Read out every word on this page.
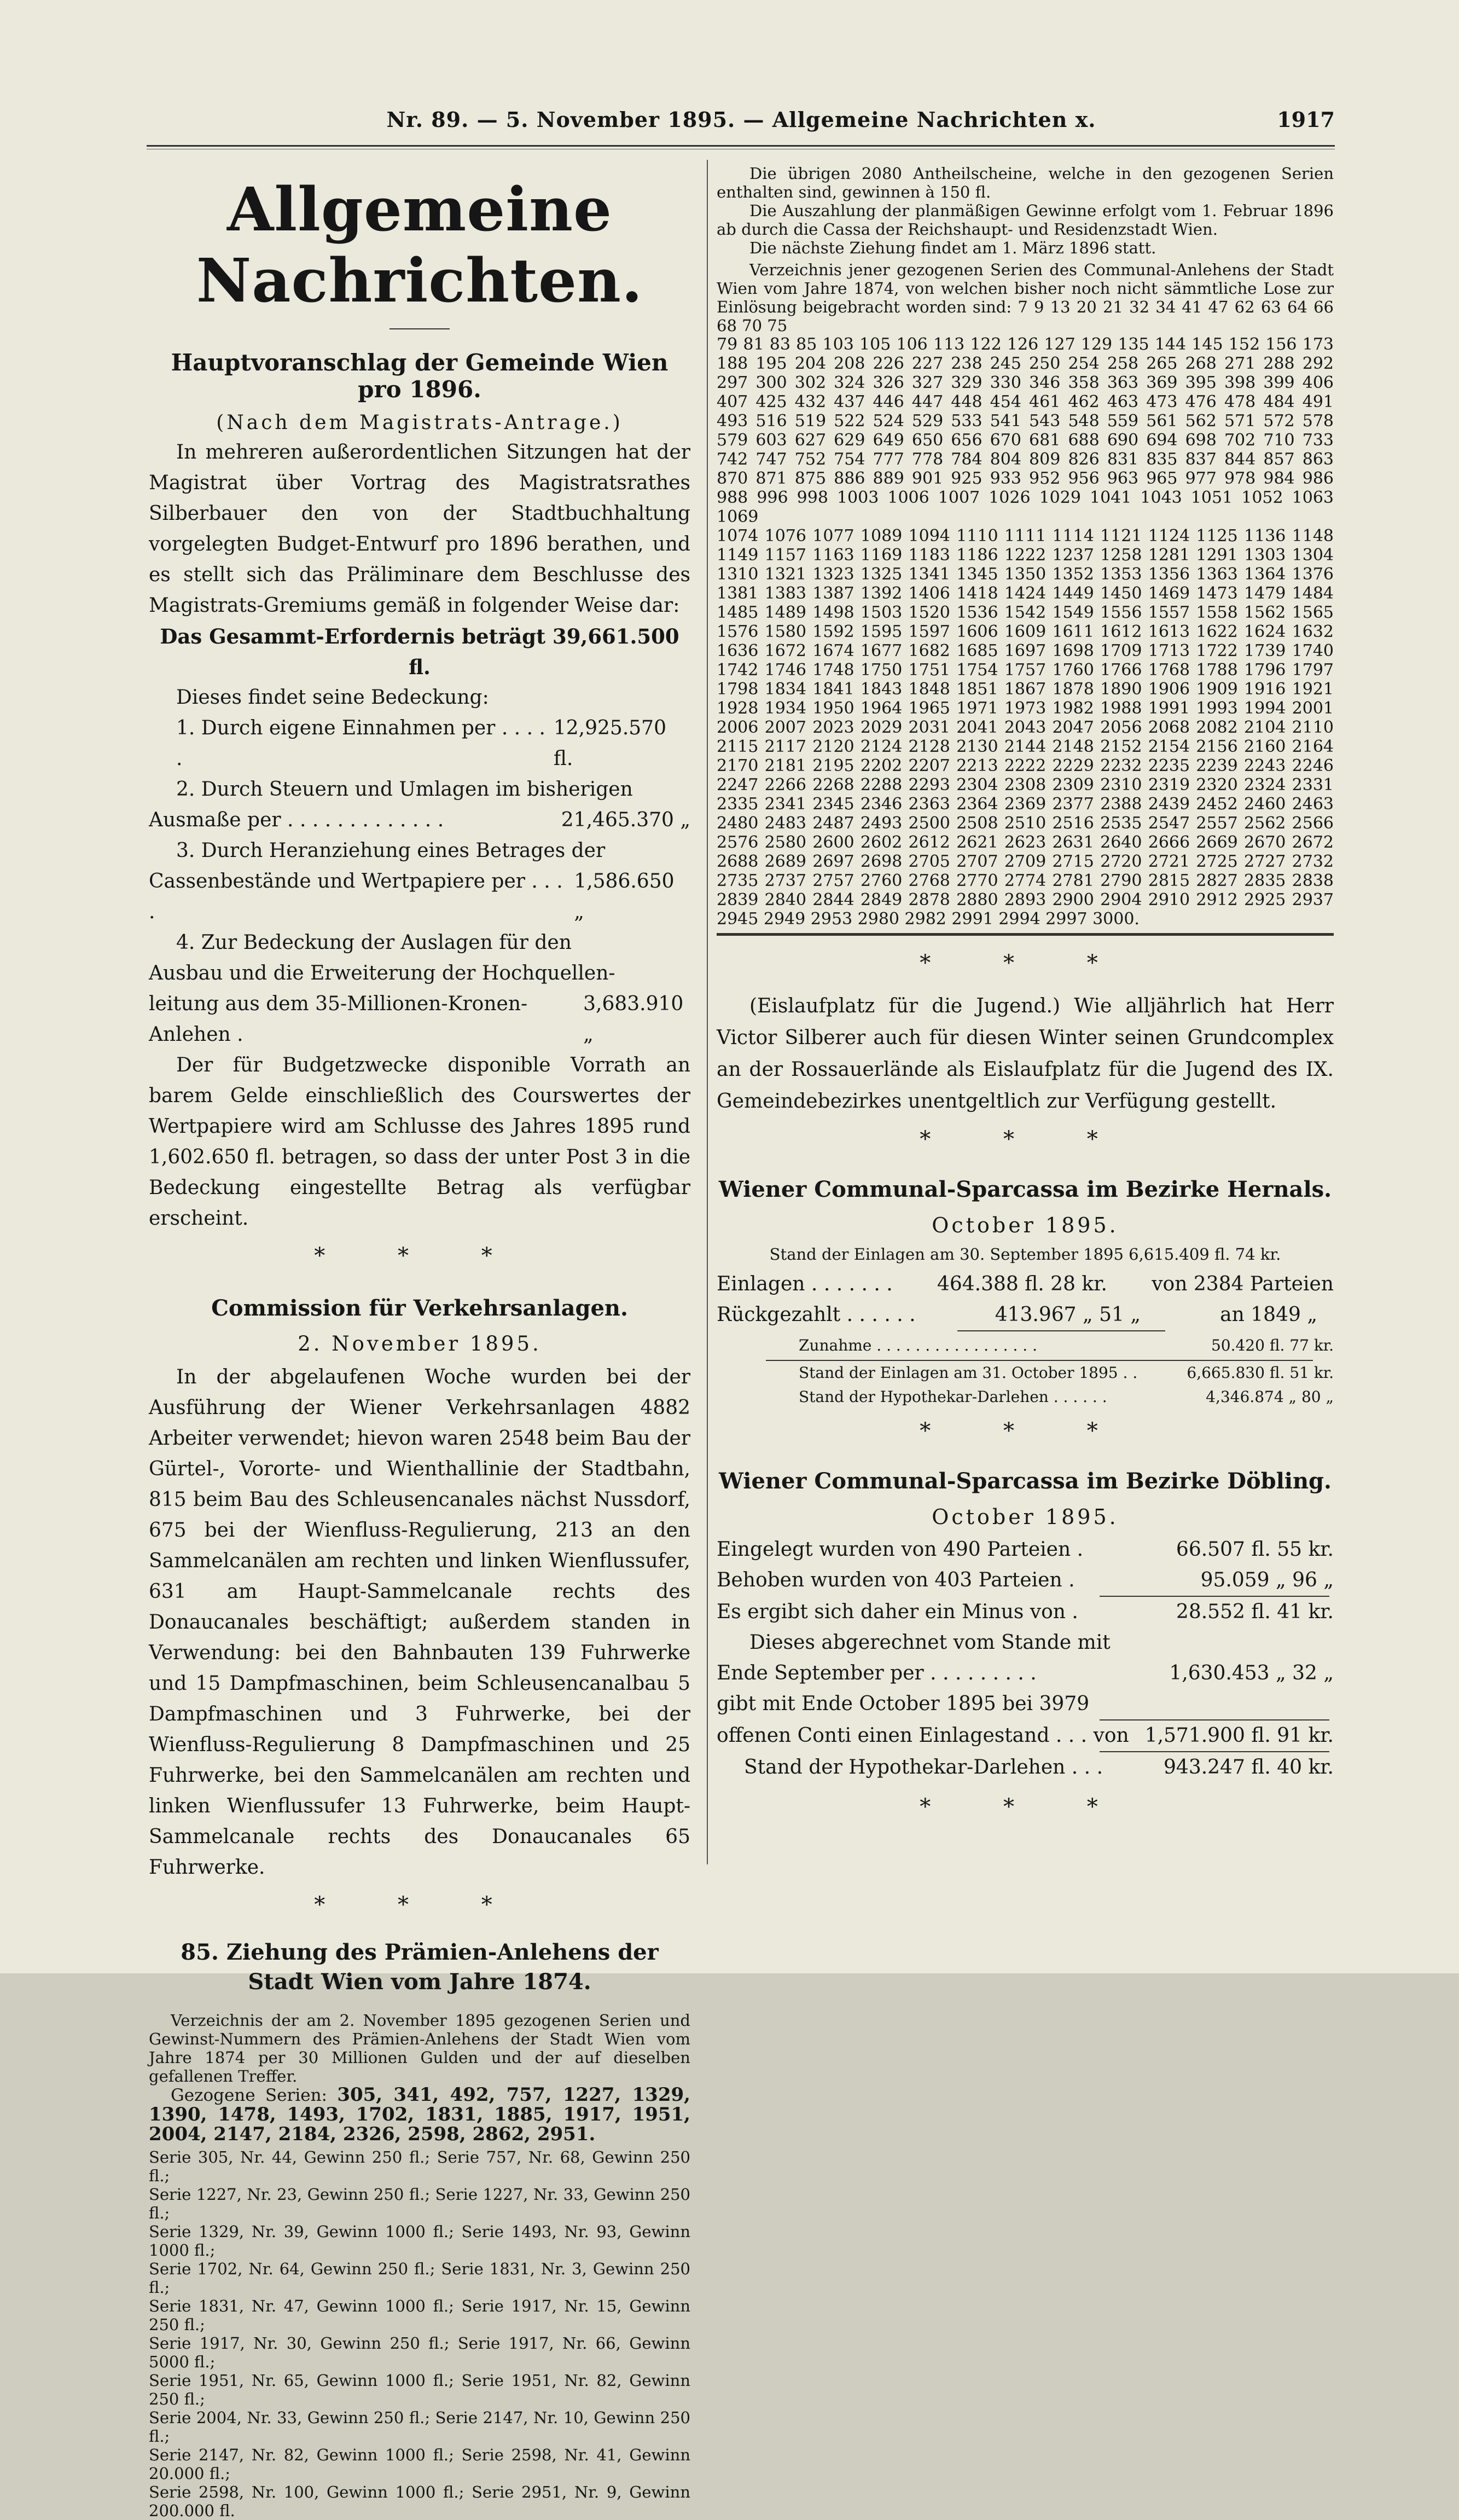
Nr. 89. — 5. November 1895. — Allgemeine Nachrichten x.	1917
Allgemeine Nachrichten.
Hauptvoranschlag der Gemeinde Wien pro 1896.
(Nach dem Magistrats-Antrage.)
In mehreren außerordentlichen Sitzungen hat der Magistrat über Vortrag des Magistratsrathes Silberbauer den von der Stadtbuchhaltung vorgelegten Budget-Entwurf pro 1896 berathen, und es stellt sich das Präliminare dem Beschlusse des Magistrats-Gremiums gemäß in folgender Weise dar:
Das Gesammt-Erfordernis beträgt 39,661.500 fl.
Dieses findet seine Bedeckung:
1. Durch eigene Einnahmen per . . . . .
12,925.570 fl.
2. Durch Steuern und Umlagen im bisherigen
Ausmaße per . . . . . . . . . . . . .	21,465.370 „
3. Durch Heranziehung eines Betrages der
Cassenbestände und Wertpapiere per . . . .
1,586.650 „
4. Zur Bedeckung der Auslagen für den
Ausbau und die Erweiterung der Hochquellen-
leitung aus dem 35-Millionen-Kronen-Anlehen .
3,683.910 „
Der für Budgetzwecke disponible Vorrath an barem Gelde einschließlich des Courswertes der Wertpapiere wird am Schlusse des Jahres 1895 rund 1,602.650 fl. betragen, so dass der unter Post 3 in die Bedeckung eingestellte Betrag als verfügbar erscheint.
* * *
Commission für Verkehrsanlagen.
2. November 1895.
In der abgelaufenen Woche wurden bei der Ausführung der Wiener Verkehrsanlagen 4882 Arbeiter verwendet; hievon waren 2548 beim Bau der Gürtel-, Vororte- und Wienthallinie der Stadtbahn, 815 beim Bau des Schleusencanales nächst Nussdorf, 675 bei der Wienfluss-Regulierung, 213 an den Sammelcanälen am rechten und linken Wienflussufer, 631 am Haupt-Sammelcanale rechts des Donaucanales beschäftigt; außerdem standen in Verwendung: bei den Bahnbauten 139 Fuhrwerke und 15 Dampfmaschinen, beim Schleusencanalbau 5 Dampfmaschinen und 3 Fuhrwerke, bei der Wienfluss-Regulierung 8 Dampfmaschinen und 25 Fuhrwerke, bei den Sammelcanälen am rechten und linken Wienflussufer 13 Fuhrwerke, beim Haupt-Sammelcanale rechts des Donaucanales 65 Fuhrwerke.
* * *
85. Ziehung des Prämien-Anlehens der Stadt Wien vom Jahre 1874.
Verzeichnis der am 2. November 1895 gezogenen Serien und Gewinst-Nummern des Prämien-Anlehens der Stadt Wien vom Jahre 1874 per 30 Millionen Gulden und der auf dieselben gefallenen Treffer.
Gezogene Serien: 305, 341, 492, 757, 1227, 1329, 1390, 1478, 1493, 1702, 1831, 1885, 1917, 1951, 2004, 2147, 2184, 2326, 2598, 2862, 2951.
Serie 305, Nr. 44, Gewinn 250 fl.; Serie 757, Nr. 68, Gewinn 250 fl.;
Serie 1227, Nr. 23, Gewinn 250 fl.; Serie 1227, Nr. 33, Gewinn 250 fl.;
Serie 1329, Nr. 39, Gewinn 1000 fl.; Serie 1493, Nr. 93, Gewinn 1000 fl.;
Serie 1702, Nr. 64, Gewinn 250 fl.; Serie 1831, Nr. 3, Gewinn 250 fl.;
Serie 1831, Nr. 47, Gewinn 1000 fl.; Serie 1917, Nr. 15, Gewinn 250 fl.;
Serie 1917, Nr. 30, Gewinn 250 fl.; Serie 1917, Nr. 66, Gewinn 5000 fl.;
Serie 1951, Nr. 65, Gewinn 1000 fl.; Serie 1951, Nr. 82, Gewinn 250 fl.;
Serie 2004, Nr. 33, Gewinn 250 fl.; Serie 2147, Nr. 10, Gewinn 250 fl.;
Serie 2147, Nr. 82, Gewinn 1000 fl.; Serie 2598, Nr. 41, Gewinn 20.000 fl.;
Serie 2598, Nr. 100, Gewinn 1000 fl.; Serie 2951, Nr. 9, Gewinn 200.000 fl.
Die übrigen 2080 Antheilscheine, welche in den gezogenen Serien enthalten sind, gewinnen à 150 fl.
Die Auszahlung der planmäßigen Gewinne erfolgt vom 1. Februar 1896 ab durch die Cassa der Reichshaupt- und Residenzstadt Wien.
Die nächste Ziehung findet am 1. März 1896 statt.
Verzeichnis jener gezogenen Serien des Communal-Anlehens der Stadt Wien vom Jahre 1874, von welchen bisher noch nicht sämmtliche Lose zur Einlösung beigebracht worden sind: 7 9 13 20 21 32 34 41 47 62 63 64 66 68 70 75
79 81 83 85 103 105 106 113 122 126 127 129 135 144 145 152 156 173
188 195 204 208 226 227 238 245 250 254 258 265 268 271 288 292
297 300 302 324 326 327 329 330 346 358 363 369 395 398 399 406
407 425 432 437 446 447 448 454 461 462 463 473 476 478 484 491
493 516 519 522 524 529 533 541 543 548 559 561 562 571 572 578
579 603 627 629 649 650 656 670 681 688 690 694 698 702 710 733
742 747 752 754 777 778 784 804 809 826 831 835 837 844 857 863
870 871 875 886 889 901 925 933 952 956 963 965 977 978 984 986
988 996 998 1003 1006 1007 1026 1029 1041 1043 1051 1052 1063 1069
1074 1076 1077 1089 1094 1110 1111 1114 1121 1124 1125 1136 1148
1149 1157 1163 1169 1183 1186 1222 1237 1258 1281 1291 1303 1304
1310 1321 1323 1325 1341 1345 1350 1352 1353 1356 1363 1364 1376
1381 1383 1387 1392 1406 1418 1424 1449 1450 1469 1473 1479 1484
1485 1489 1498 1503 1520 1536 1542 1549 1556 1557 1558 1562 1565
1576 1580 1592 1595 1597 1606 1609 1611 1612 1613 1622 1624 1632
1636 1672 1674 1677 1682 1685 1697 1698 1709 1713 1722 1739 1740
1742 1746 1748 1750 1751 1754 1757 1760 1766 1768 1788 1796 1797
1798 1834 1841 1843 1848 1851 1867 1878 1890 1906 1909 1916 1921
1928 1934 1950 1964 1965 1971 1973 1982 1988 1991 1993 1994 2001
2006 2007 2023 2029 2031 2041 2043 2047 2056 2068 2082 2104 2110
2115 2117 2120 2124 2128 2130 2144 2148 2152 2154 2156 2160 2164
2170 2181 2195 2202 2207 2213 2222 2229 2232 2235 2239 2243 2246
2247 2266 2268 2288 2293 2304 2308 2309 2310 2319 2320 2324 2331
2335 2341 2345 2346 2363 2364 2369 2377 2388 2439 2452 2460 2463
2480 2483 2487 2493 2500 2508 2510 2516 2535 2547 2557 2562 2566
2576 2580 2600 2602 2612 2621 2623 2631 2640 2666 2669 2670 2672
2688 2689 2697 2698 2705 2707 2709 2715 2720 2721 2725 2727 2732
2735 2737 2757 2760 2768 2770 2774 2781 2790 2815 2827 2835 2838
2839 2840 2844 2849 2878 2880 2893 2900 2904 2910 2912 2925 2937
2945 2949 2953 2980 2982 2991 2994 2997 3000.
* * *
(Eislaufplatz für die Jugend.) Wie alljährlich hat Herr Victor Silberer auch für diesen Winter seinen Grundcomplex an der Rossauerlände als Eislaufplatz für die Jugend des IX. Gemeindebezirkes unentgeltlich zur Verfügung gestellt.
* * *
Wiener Communal-Sparcassa im Bezirke Hernals.
October 1895.
Stand der Einlagen am 30. September 1895 6,615.409 fl. 74 kr.
Einlagen . . . . . . . 464.388 fl. 28 kr. von 2384 Parteien
Rückgezahlt . . . . . .	413.967 „ 51 „	an 1849 „
Zunahme . . . . . . . . . . . . . . . . .	50.420 fl. 77 kr.
Stand der Einlagen am 31. October 1895 . .	6,665.830 fl. 51 kr.
Stand der Hypothekar-Darlehen . . . . . .	4,346.874 „ 80 „
* * *
Wiener Communal-Sparcassa im Bezirke Döbling.
October 1895.
Eingelegt wurden von 490 Parteien .	66.507 fl. 55 kr.
Behoben wurden von 403 Parteien .	95.059 „ 96 „
Es ergibt sich daher ein Minus von .	28.552 fl. 41 kr.
Dieses abgerechnet vom Stande mit
Ende September per . . . . . . . . .	1,630.453 „ 32 „
gibt mit Ende October 1895 bei 3979
offenen Conti einen Einlagestand . . . von 1,571.900 fl. 91 kr.
Stand der Hypothekar-Darlehen . . .	943.247 fl. 40 kr.
* * *
